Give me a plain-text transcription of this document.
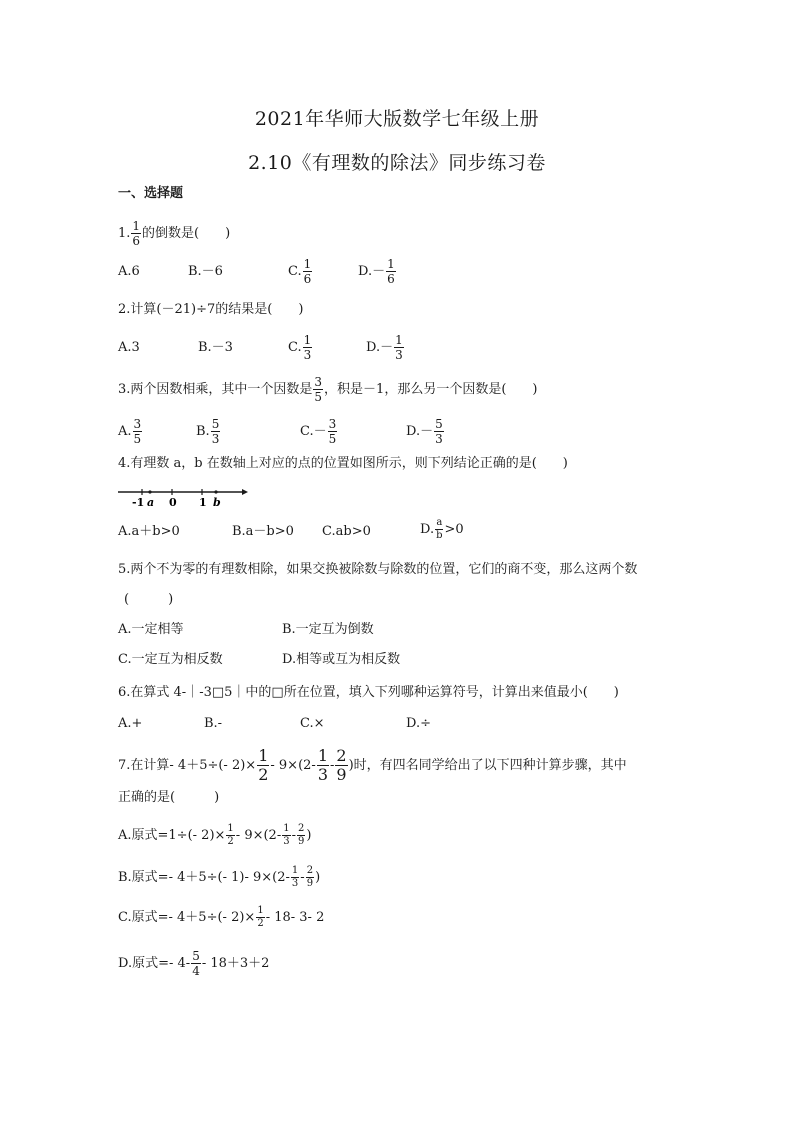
2021年华师大版数学七年级上册
2.10《有理数的除法》同步练习卷
一、选择题
1. $\frac{1}{6}$ 的倒数是(　　)
A.6	B.－6	C. $\frac{1}{6}$	$D.- \frac{1}{6}$
2.计算(－21)÷7的结果是(　　)
A.3	B.－3	C. $\frac{1}{3}$	$D.- \frac{1}{3}$
3.两个因数相乘，其中一个因数是 $\frac{3}{5}$ ，积是－1，那么另一个因数是(　　)
A. $\frac{3}{5}$	B. $\frac{5}{3}$	$C.- \frac{3}{5}$	$D.- \frac{5}{3}$
4.有理数 a，b 在数轴上对应的点的位置如图所示，则下列结论正确的是(　　)
-1 a 0 1 b
A.a＋b>0	B.a－b>0 C.ab>0	D. $\frac{a}{b} >0$
5.两个不为零的有理数相除，如果交换被除数与除数的位置，它们的商不变，那么这两个数
(　　　)
A.一定相等	B.一定互为倒数
C.一定互为相反数	D.相等或互为相反数
6.在算式 4-｜-3□5｜中的□所在位置，填入下列哪种运算符号，计算出来值最小(　　)
A.+	B.-	C.×	D.÷
7.在计算- 4＋5÷(- $2)\times \frac{1}{2} - 9\times(2- \frac{1}{3} - \frac{2}{9}$ )时，有四名同学给出了以下四种计算步骤，其中
正确的是(　　　)
A.原式=1÷(- $2)\times \frac{1}{2} - 9\times(2- \frac{1}{3} - \frac{2}{9}$ )
B.原式=- 4＋5÷(- 1)- $9\times(2- \frac{1}{3} - \frac{2}{9}$ )
C.原式=- 4＋5÷(- $2)\times \frac{1}{2} - 18-$ 3- 2
D.原式=- $4- \frac{5}{4} - 18+3+2$
